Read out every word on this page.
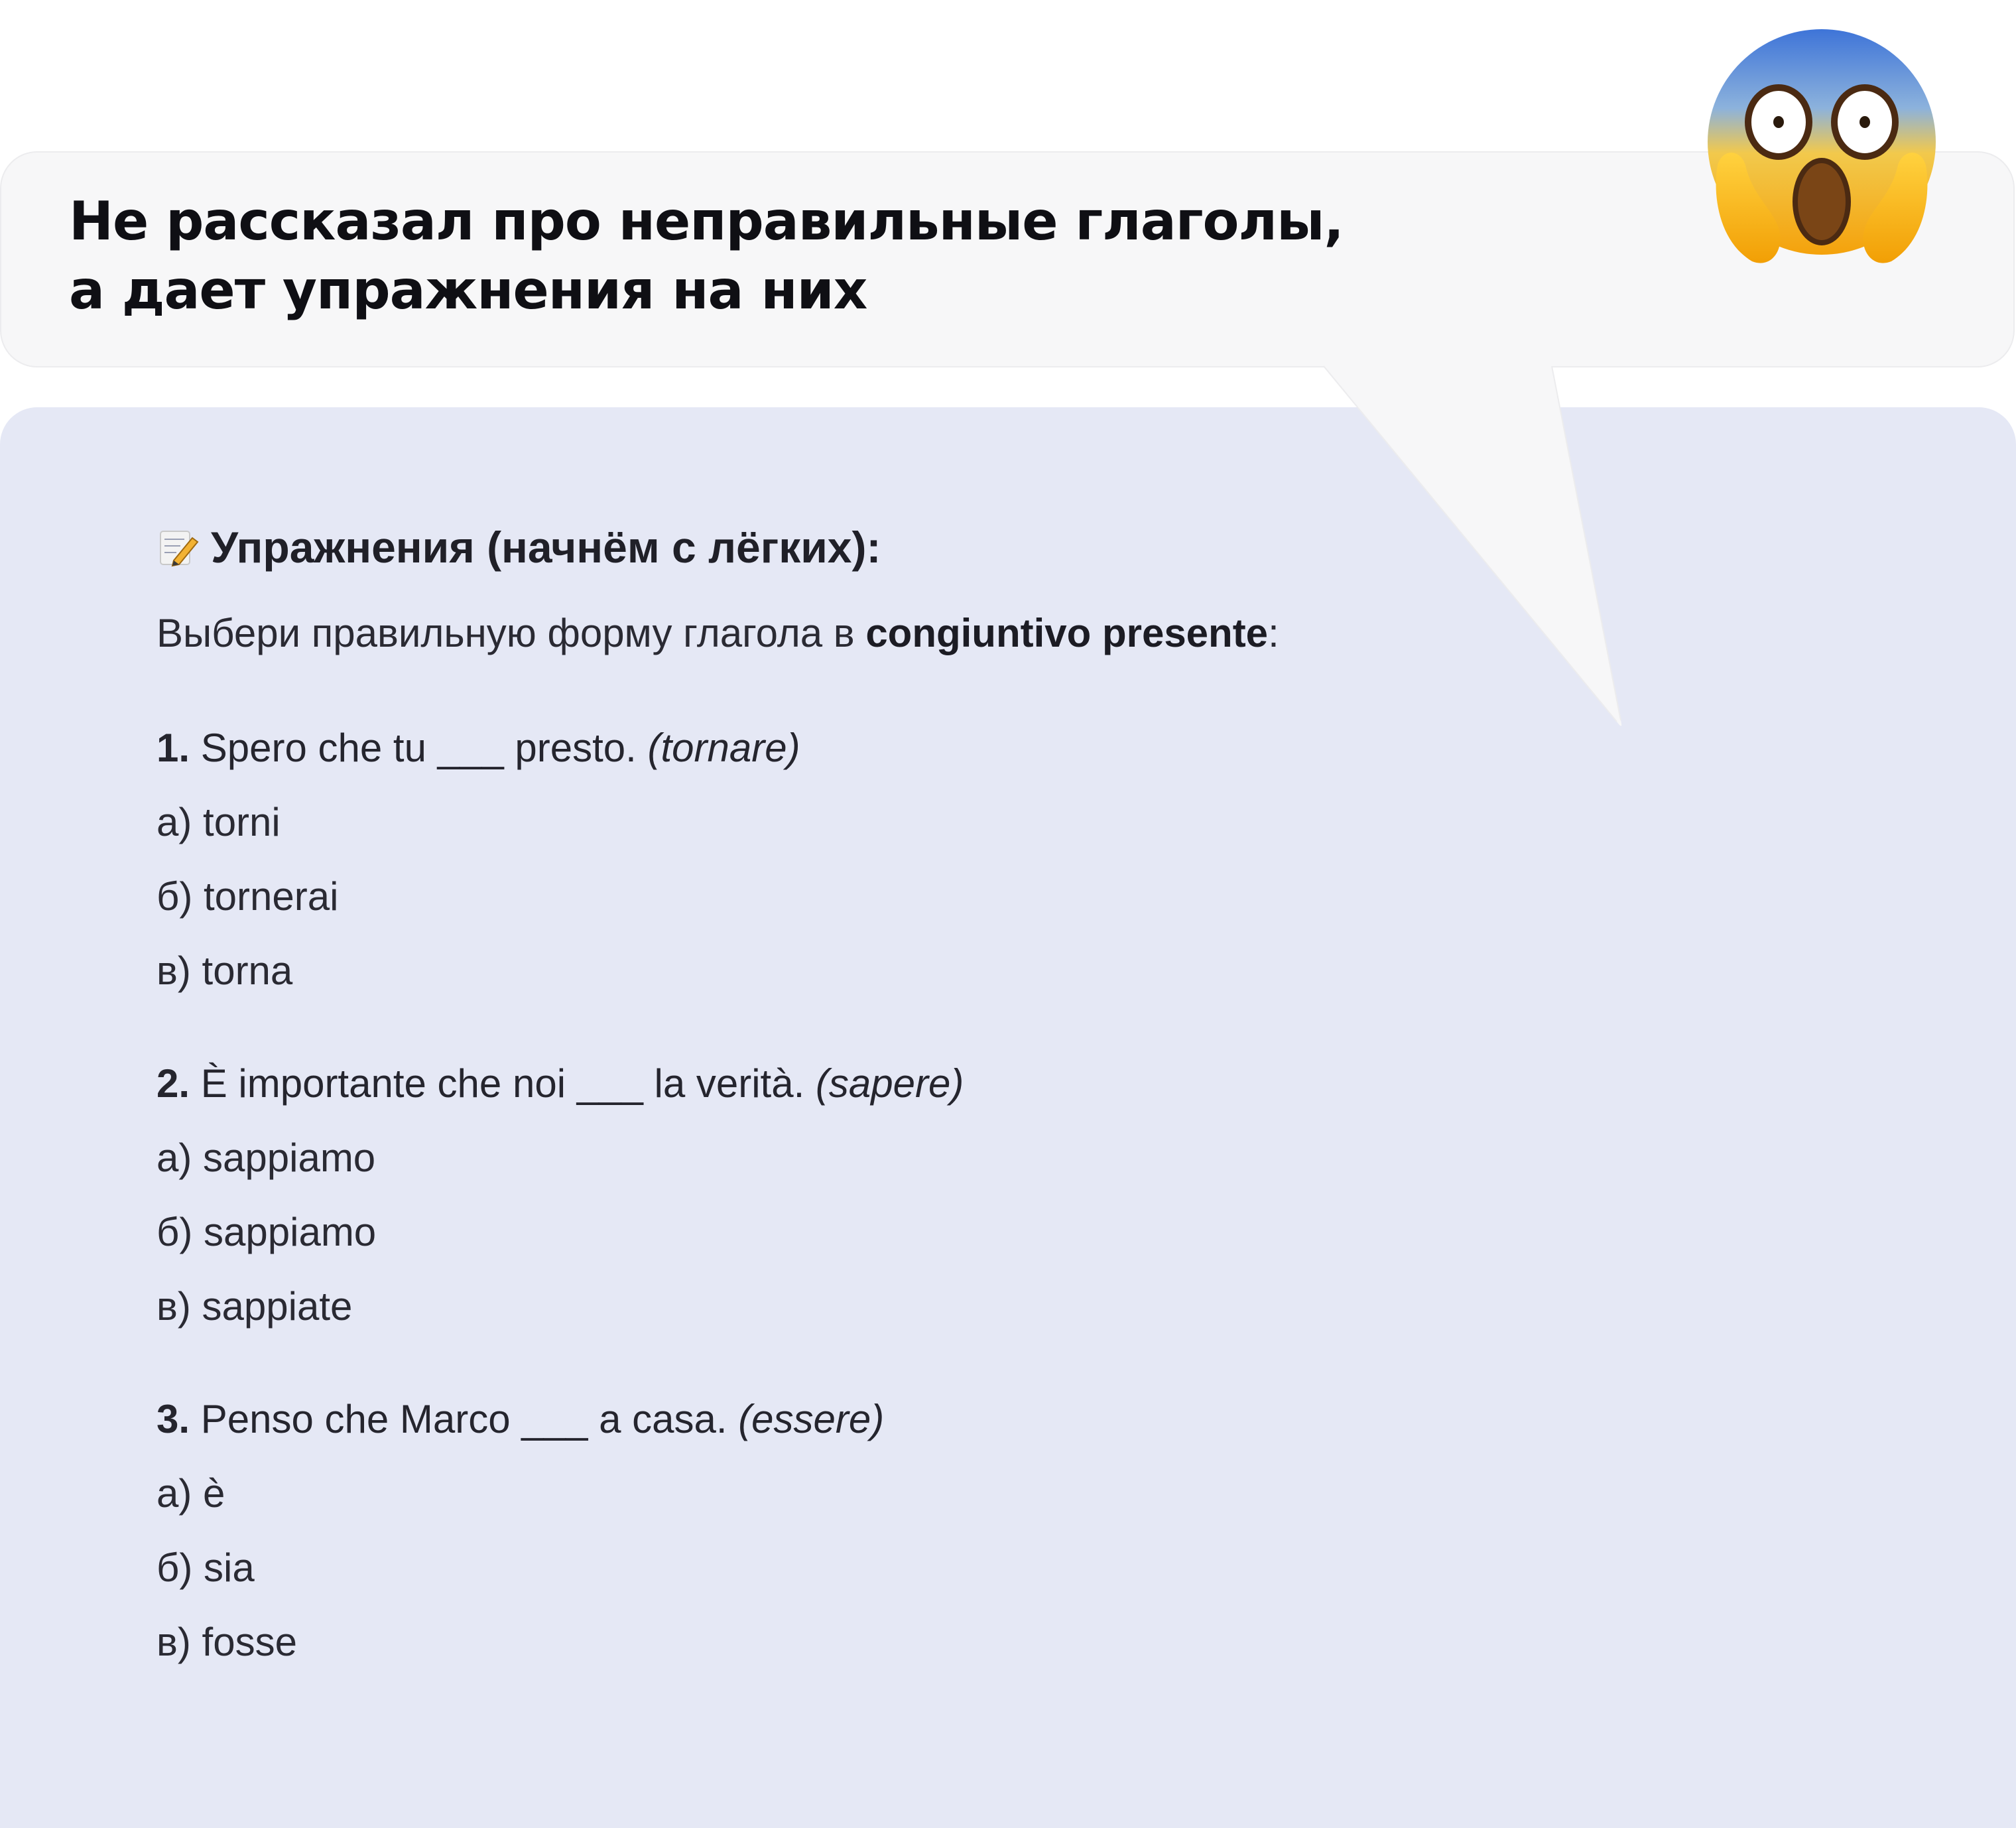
Не рассказал про неправильные глаголы,
а дает упражнения на них

Упражнения (начнём с лёгких):
Выбери правильную форму глагола в congiuntivo presente:
1. Spero che tu ___ presto. (tornare)
а) torni
б) tornerai
в) torna
2. È importante che noi ___ la verità. (sapere)
а) sappiamo
б) sappiamo
в) sappiate
3. Penso che Marco ___ a casa. (essere)
а) è
б) sia
в) fosse
